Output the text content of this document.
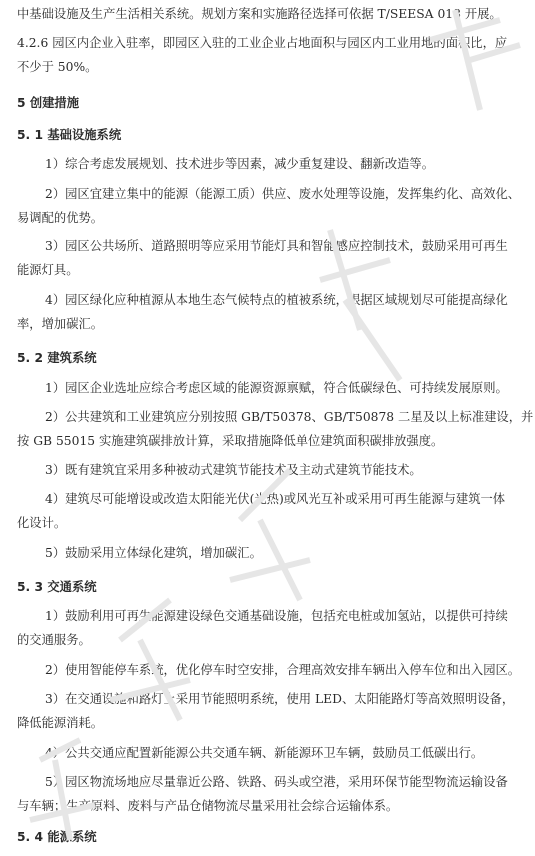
中基础设施及生产生活相关系统。规划方案和实施路径选择可依据 T/SEESA 018 开展。
4.2.6 园区内企业入驻率，即园区入驻的工业企业占地面积与园区内工业用地的面积比，应
不少于 50%。
5 创建措施
5. 1 基础设施系统
1）综合考虑发展规划、技术进步等因素，减少重复建设、翻新改造等。
2）园区宜建立集中的能源（能源工质）供应、废水处理等设施，发挥集约化、高效化、
易调配的优势。
3）园区公共场所、道路照明等应采用节能灯具和智能感应控制技术，鼓励采用可再生
能源灯具。
4）园区绿化应种植源从本地生态气候特点的植被系统，根据区域规划尽可能提高绿化
率，增加碳汇。
5. 2 建筑系统
1）园区企业选址应综合考虑区域的能源资源禀赋，符合低碳绿色、可持续发展原则。
2）公共建筑和工业建筑应分别按照 GB/T50378、GB/T50878 二星及以上标准建设，并
按 GB 55015 实施建筑碳排放计算，采取措施降低单位建筑面积碳排放强度。
3）既有建筑宜采用多种被动式建筑节能技术及主动式建筑节能技术。
4）建筑尽可能增设或改造太阳能光伏(光热)或风光互补或采用可再生能源与建筑一体
化设计。
5）鼓励采用立体绿化建筑，增加碳汇。
5. 3 交通系统
1）鼓励利用可再生能源建设绿色交通基础设施，包括充电桩或加氢站，以提供可持续
的交通服务。
2）使用智能停车系统，优化停车时空安排，合理高效安排车辆出入停车位和出入园区。
3）在交通设施和路灯上采用节能照明系统，使用 LED、太阳能路灯等高效照明设备，
降低能源消耗。
4）公共交通应配置新能源公共交通车辆、新能源环卫车辆，鼓励员工低碳出行。
5）园区物流场地应尽量靠近公路、铁路、码头或空港，采用环保节能型物流运输设备
与车辆；生产原料、废料与产品仓储物流尽量采用社会综合运输体系。
5. 4 能源系统
